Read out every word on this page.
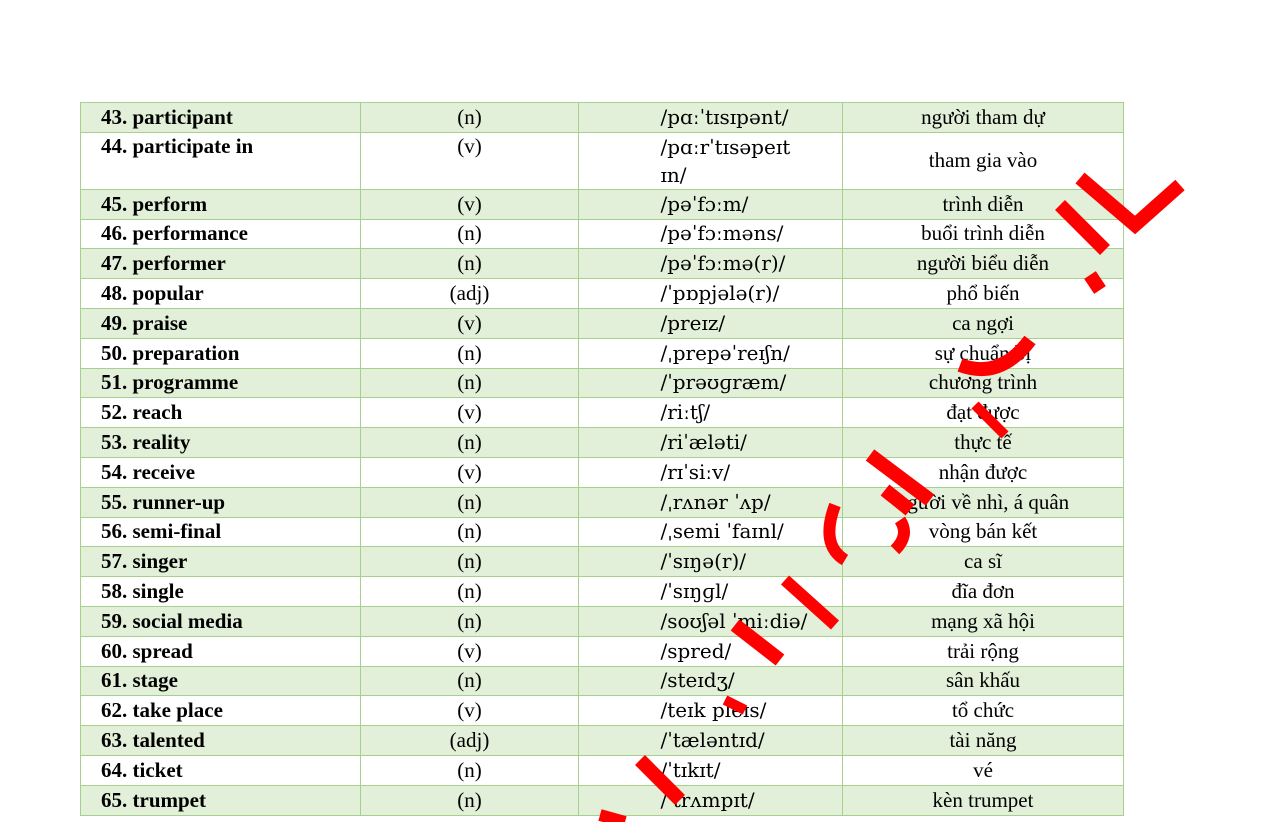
43. participant	(n)	/pɑːˈtɪsɪpənt/	người tham dự
44. participate in	(v)	/pɑːrˈtɪsəpeɪt ɪn/	tham gia vào
45. perform	(v)	/pəˈfɔːm/	trình diễn
46. performance	(n)	/pəˈfɔːməns/	buổi trình diễn
47. performer	(n)	/pəˈfɔːmə(r)/	người biểu diễn
48. popular	(adj)	/ˈpɒpjələ(r)/	phổ biến
49. praise	(v)	/preɪz/	ca ngợi
50. preparation	(n)	/ˌprepəˈreɪʃn/	sự chuẩn bị
51. programme	(n)	/ˈprəʊɡræm/	chương trình
52. reach	(v)	/riːtʃ/	đạt được
53. reality	(n)	/riˈæləti/	thực tế
54. receive	(v)	/rɪˈsiːv/	nhận được
55. runner-up	(n)	/ˌrʌnər ˈʌp/	người về nhì, á quân
56. semi-final	(n)	/ˌsemi ˈfaɪnl/	vòng bán kết
57. singer	(n)	/ˈsɪŋə(r)/	ca sĩ
58. single	(n)	/ˈsɪŋɡl/	đĩa đơn
59. social media	(n)	/soʊʃəl ˈmiːdiə/	mạng xã hội
60. spread	(v)	/spred/	trải rộng
61. stage	(n)	/steɪdʒ/	sân khấu
62. take place	(v)	/teɪk pleɪs/	tổ chức
63. talented	(adj)	/ˈtæləntɪd/	tài năng
64. ticket	(n)	/ˈtɪkɪt/	vé
65. trumpet	(n)	/ˈtrʌmpɪt/	kèn trumpet
